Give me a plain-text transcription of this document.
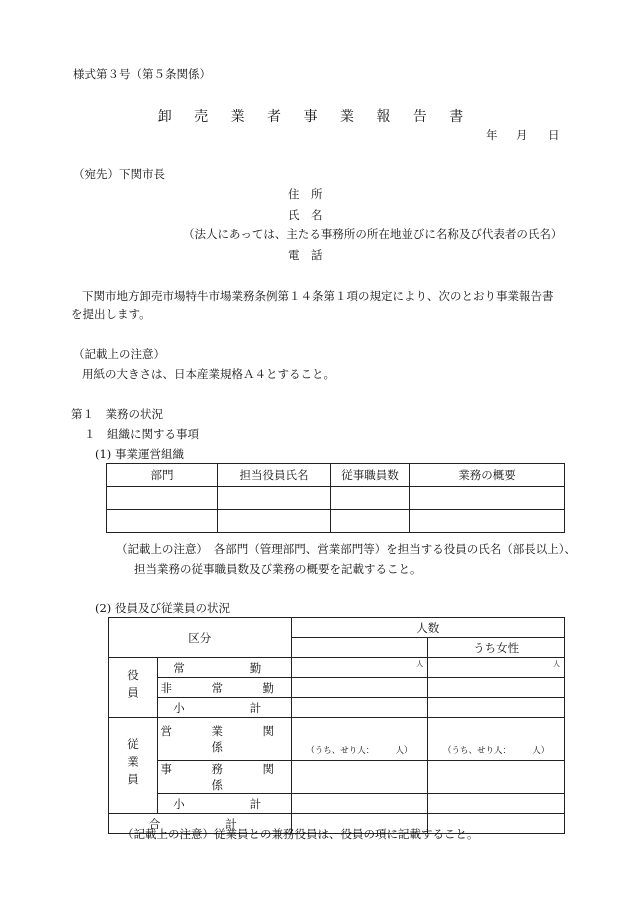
様式第３号（第５条関係）
卸 売 業 者 事 業 報 告 書
年 月 日
（宛先）下関市長
住　所
氏　名
（法人にあっては、主たる事務所の所在地並びに名称及び代表者の氏名）
電　話
下関市地方卸売市場特牛市場業務条例第１４条第１項の規定により、次のとおり事業報告書
を提出します。
（記載上の注意）
用紙の大きさは、日本産業規格Ａ４とすること。
第１　業務の状況
１　組織に関する事項
(1) 事業運営組織
部門	担当役員氏名	従事職員数	業務の概要

（記載上の注意）　各部門（管理部門、営業部門等）を担当する役員の氏名（部長以上）、
担当業務の従事職員数及び業務の概要を記載すること。
(2) 役員及び従業員の状況
区分		人数	
			うち女性
役員	常　　勤	人	人

	非　常　勤		
	小　　計		
従業員	営　業　関　係	（うち、せり人：　　　人）	（うち、せり人：　　　人）
	事　務　関　係		
	小　　計		
合　　計			
（記載上の注意）従業員との兼務役員は、役員の項に記載すること。
